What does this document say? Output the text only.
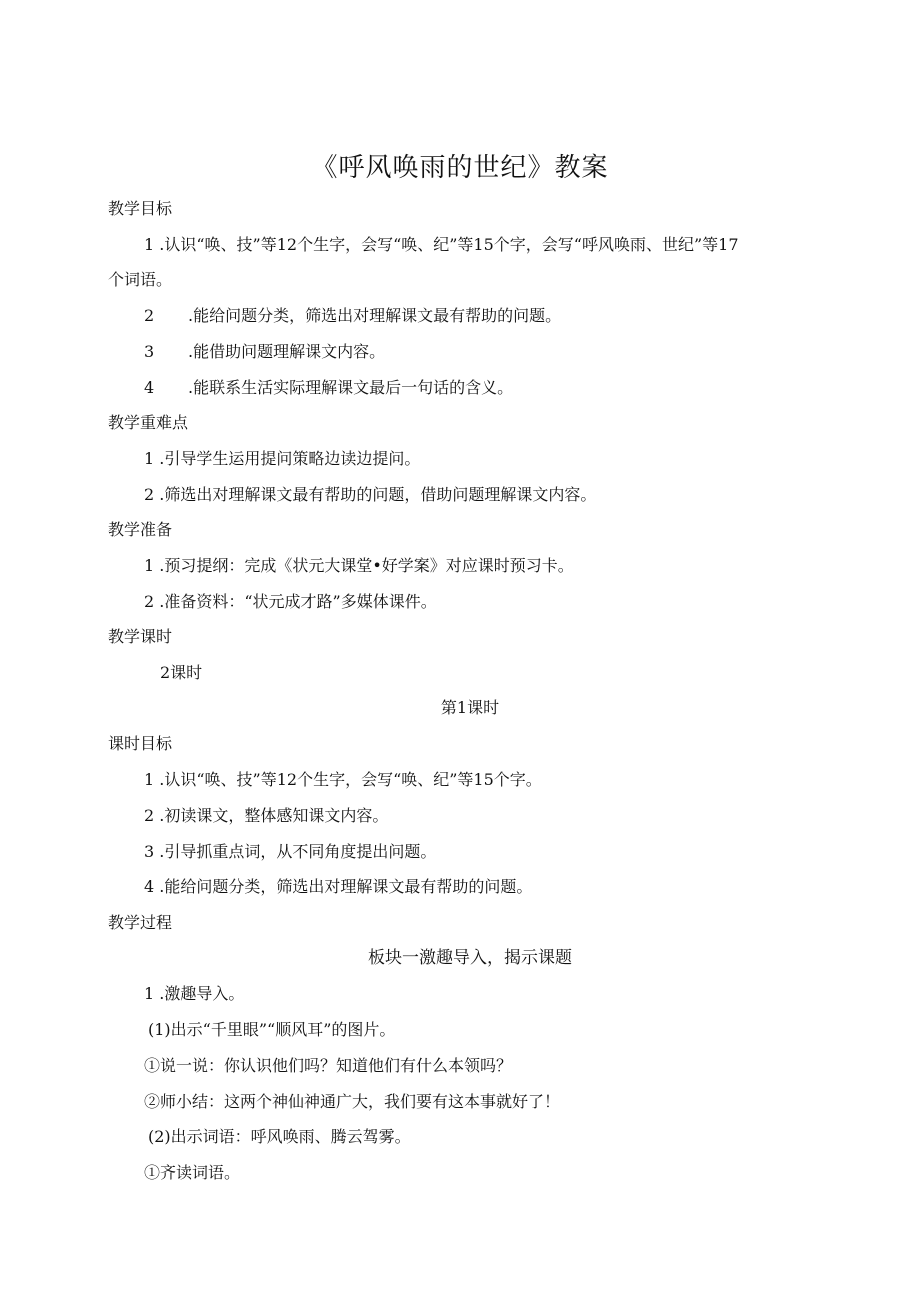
《呼风唤雨的世纪》教案
教学目标
1 .认识“唤、技”等12个生字，会写“唤、纪”等15个字，会写“呼风唤雨、世纪”等17
个词语。
2 .能给问题分类，筛选出对理解课文最有帮助的问题。
3 .能借助问题理解课文内容。
4 .能联系生活实际理解课文最后一句话的含义。
教学重难点
1 .引导学生运用提问策略边读边提问。
2 .筛选出对理解课文最有帮助的问题，借助问题理解课文内容。
教学准备
1 .预习提纲：完成《状元大课堂•好学案》对应课时预习卡。
2 .准备资料：“状元成才路”多媒体课件。
教学课时
2课时
第1课时
课时目标
1 .认识“唤、技”等12个生字，会写“唤、纪”等15个字。
2 .初读课文，整体感知课文内容。
3 .引导抓重点词，从不同角度提出问题。
4 .能给问题分类，筛选出对理解课文最有帮助的问题。
教学过程
板块一激趣导入，揭示课题
1 .激趣导入。
(1)出示“千里眼”“顺风耳”的图片。
①说一说：你认识他们吗？知道他们有什么本领吗？
②师小结：这两个神仙神通广大，我们要有这本事就好了！
(2)出示词语：呼风唤雨、腾云驾雾。
①齐读词语。
